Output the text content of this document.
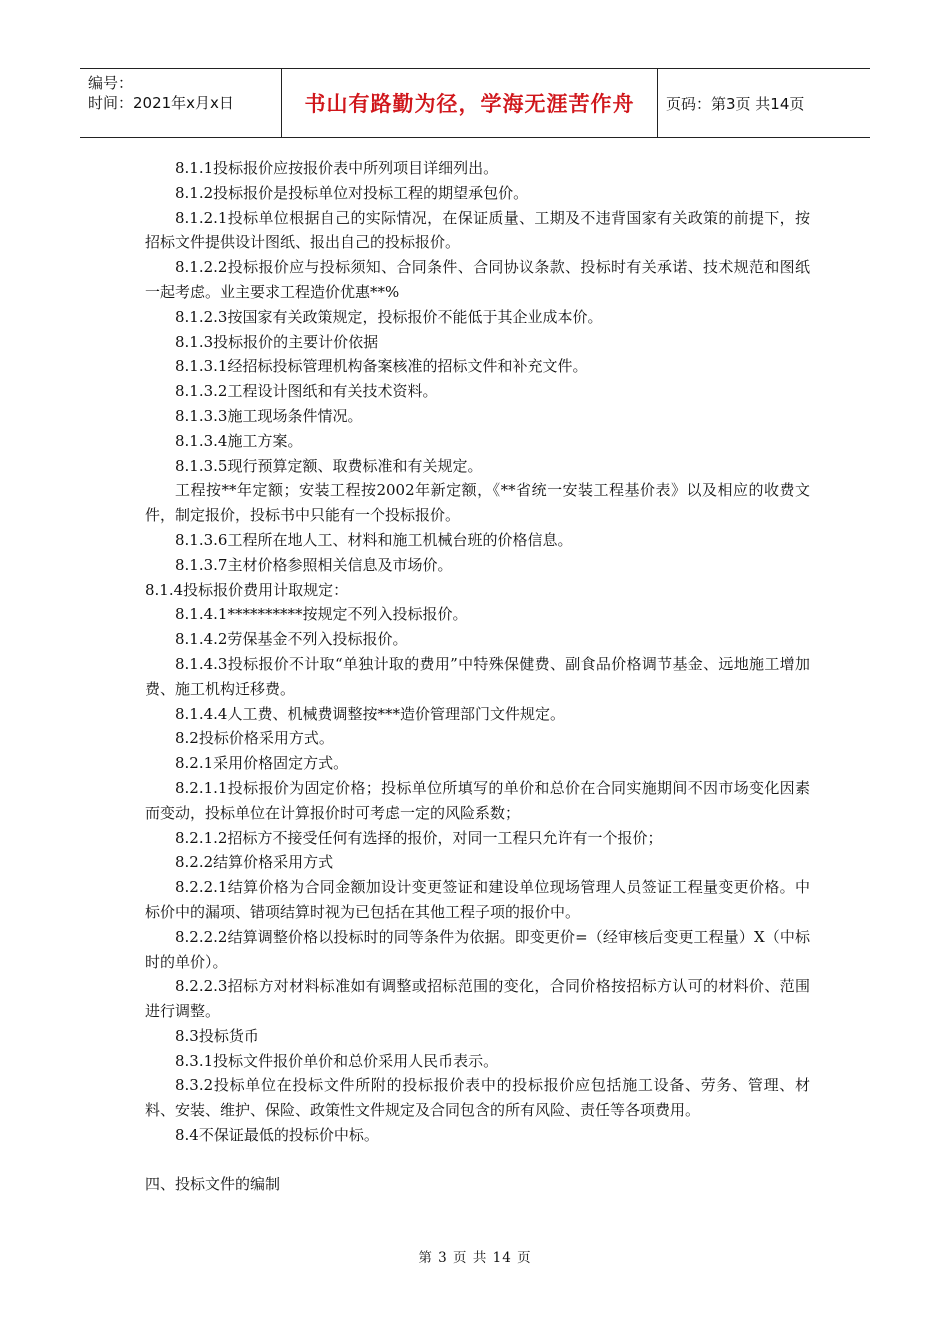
编号：
时间：2021年x月x日	书山有路勤为径，学海无涯苦作舟 页码：第3页 共14页

8.1.1投标报价应按报价表中所列项目详细列出。

8.1.2投标报价是投标单位对投标工程的期望承包价。

8.1.2.1投标单位根据自己的实际情况，在保证质量、工期及不违背国家有关政策的前提下，按招标文件提供设计图纸、报出自己的投标报价。

8.1.2.2投标报价应与投标须知、合同条件、合同协议条款、投标时有关承诺、技术规范和图纸一起考虑。业主要求工程造价优惠**%

8.1.2.3按国家有关政策规定，投标报价不能低于其企业成本价。

8.1.3投标报价的主要计价依据

8.1.3.1经招标投标管理机构备案核准的招标文件和补充文件。

8.1.3.2工程设计图纸和有关技术资料。

8.1.3.3施工现场条件情况。

8.1.3.4施工方案。

8.1.3.5现行预算定额、取费标准和有关规定。

工程按**年定额；安装工程按2002年新定额，《**省统一安装工程基价表》以及相应的收费文件，制定报价，投标书中只能有一个投标报价。

8.1.3.6工程所在地人工、材料和施工机械台班的价格信息。

8.1.3.7主材价格参照相关信息及市场价。

8.1.4投标报价费用计取规定：

8.1.4.1**********按规定不列入投标报价。

8.1.4.2劳保基金不列入投标报价。

8.1.4.3投标报价不计取“单独计取的费用”中特殊保健费、副食品价格调节基金、远地施工增加费、施工机构迁移费。

8.1.4.4人工费、机械费调整按***造价管理部门文件规定。

8.2投标价格采用方式。

8.2.1采用价格固定方式。

8.2.1.1投标报价为固定价格；投标单位所填写的单价和总价在合同实施期间不因市场变化因素而变动，投标单位在计算报价时可考虑一定的风险系数；

8.2.1.2招标方不接受任何有选择的报价，对同一工程只允许有一个报价；

8.2.2结算价格采用方式

8.2.2.1结算价格为合同金额加设计变更签证和建设单位现场管理人员签证工程量变更价格。中标价中的漏项、错项结算时视为已包括在其他工程子项的报价中。

8.2.2.2结算调整价格以投标时的同等条件为依据。即变更价=（经审核后变更工程量）X（中标时的单价）。

8.2.2.3招标方对材料标准如有调整或招标范围的变化，合同价格按招标方认可的材料价、范围进行调整。

8.3投标货币

8.3.1投标文件报价单价和总价采用人民币表示。

8.3.2投标单位在投标文件所附的投标报价表中的投标报价应包括施工设备、劳务、管理、材料、安装、维护、保险、政策性文件规定及合同包含的所有风险、责任等各项费用。

8.4不保证最低的投标价中标。

四、投标文件的编制

第 3 页 共 14 页
